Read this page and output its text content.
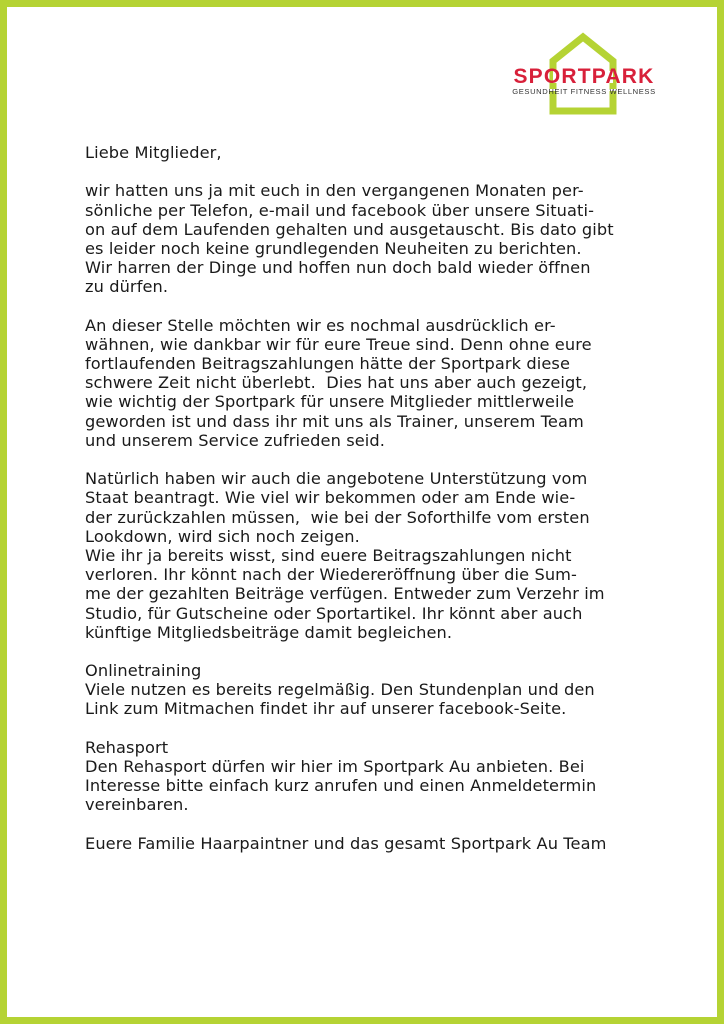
SPORTPARK
GESUNDHEIT FITNESS WELLNESS
Liebe Mitglieder,
wir hatten uns ja mit euch in den vergangenen Monaten per-
sönliche per Telefon, e-mail und facebook über unsere Situati-
on auf dem Laufenden gehalten und ausgetauscht. Bis dato gibt
es leider noch keine grundlegenden Neuheiten zu berichten.
Wir harren der Dinge und hoffen nun doch bald wieder öffnen
zu dürfen.
An dieser Stelle möchten wir es nochmal ausdrücklich er-
wähnen, wie dankbar wir für eure Treue sind. Denn ohne eure
fortlaufenden Beitragszahlungen hätte der Sportpark diese
schwere Zeit nicht überlebt.  Dies hat uns aber auch gezeigt,
wie wichtig der Sportpark für unsere Mitglieder mittlerweile
geworden ist und dass ihr mit uns als Trainer, unserem Team
und unserem Service zufrieden seid.
Natürlich haben wir auch die angebotene Unterstützung vom
Staat beantragt. Wie viel wir bekommen oder am Ende wie-
der zurückzahlen müssen,  wie bei der Soforthilfe vom ersten
Lookdown, wird sich noch zeigen.
Wie ihr ja bereits wisst, sind euere Beitragszahlungen nicht
verloren. Ihr könnt nach der Wiedereröffnung über die Sum-
me der gezahlten Beiträge verfügen. Entweder zum Verzehr im
Studio, für Gutscheine oder Sportartikel. Ihr könnt aber auch
künftige Mitgliedsbeiträge damit begleichen.
Onlinetraining
Viele nutzen es bereits regelmäßig. Den Stundenplan und den
Link zum Mitmachen findet ihr auf unserer facebook-Seite.
Rehasport
Den Rehasport dürfen wir hier im Sportpark Au anbieten. Bei
Interesse bitte einfach kurz anrufen und einen Anmeldetermin
vereinbaren.
Euere Familie Haarpaintner und das gesamt Sportpark Au Team
